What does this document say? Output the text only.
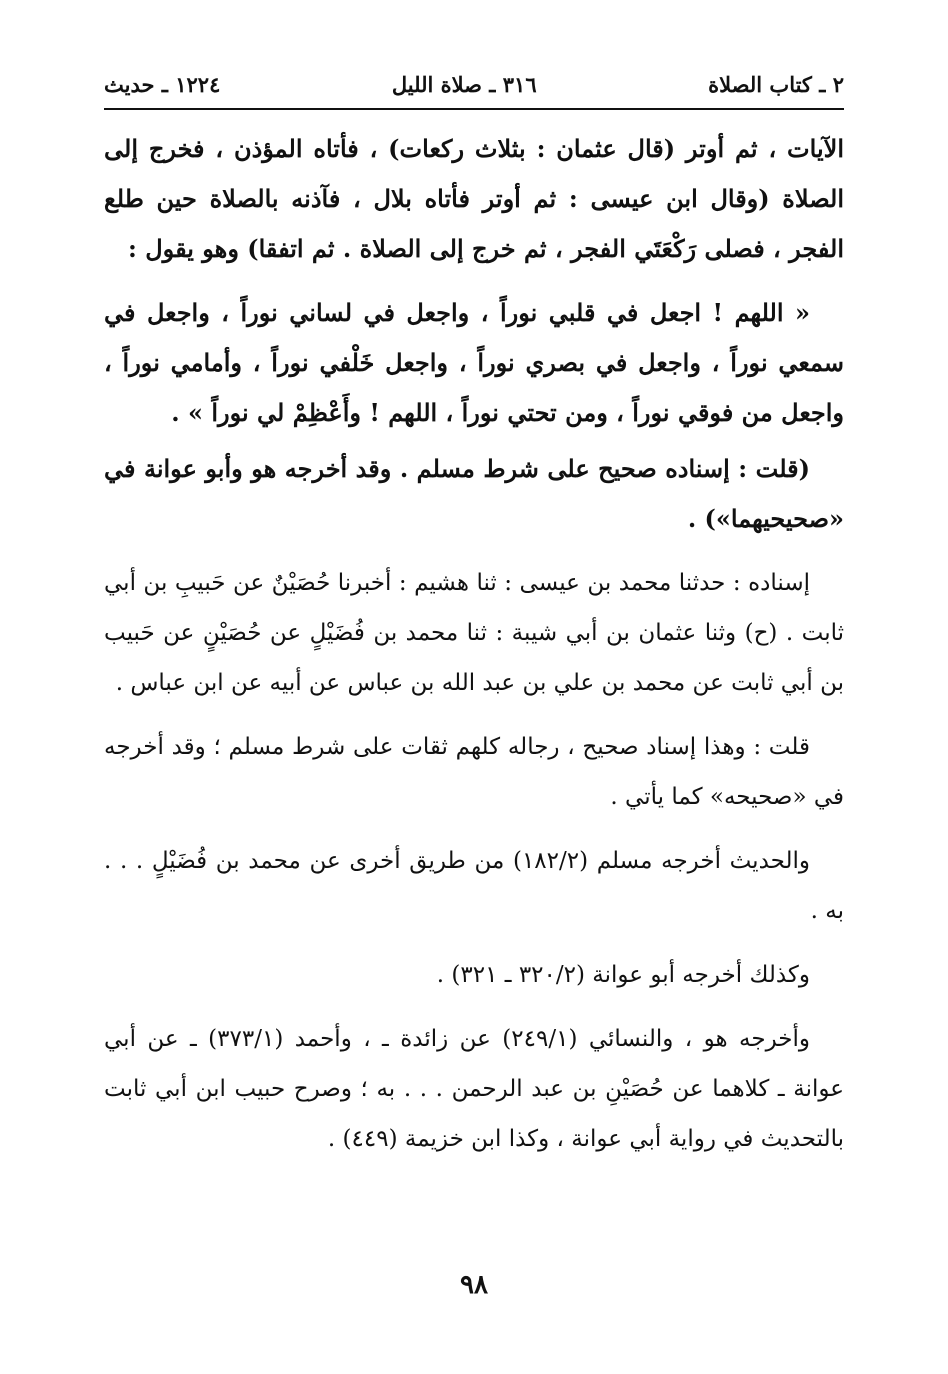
٢ ـ كتاب الصلاة
٣١٦ ـ صلاة الليل
١٢٢٤ ـ حديث

الآيات ، ثم أوتر (قال عثمان : بثلاث ركعات) ، فأتاه المؤذن ، فخرج إلى الصلاة (وقال ابن عيسى : ثم أوتر فأتاه بلال ، فآذنه بالصلاة حين طلع الفجر ، فصلى رَكْعَتَي الفجر ، ثم خرج إلى الصلاة . ثم اتفقا) وهو يقول :

« اللهم ! اجعل في قلبي نوراً ، واجعل في لساني نوراً ، واجعل في سمعي نوراً ، واجعل في بصري نوراً ، واجعل خَلْفي نوراً ، وأمامي نوراً ، واجعل من فوقي نوراً ، ومن تحتي نوراً ، اللهم ! وأَعْظِمْ لي نوراً » .

(قلت : إسناده صحيح على شرط مسلم . وقد أخرجه هو وأبو عوانة في «صحيحيهما») .

إسناده : حدثنا محمد بن عيسى : ثنا هشيم : أخبرنا حُصَيْنٌ عن حَبيبِ بن أبي ثابت . (ح) وثنا عثمان بن أبي شيبة : ثنا محمد بن فُضَيْلٍ عن حُصَيْنٍ عن حَبيب بن أبي ثابت عن محمد بن علي بن عبد الله بن عباس عن أبيه عن ابن عباس .

قلت : وهذا إسناد صحيح ، رجاله كلهم ثقات على شرط مسلم ؛ وقد أخرجه في «صحيحه» كما يأتي .

والحديث أخرجه مسلم (١٨٢/٢) من طريق أخرى عن محمد بن فُضَيْلٍ . . . به .

وكذلك أخرجه أبو عوانة (٣٢٠/٢ ـ ٣٢١) .

وأخرجه هو ، والنسائي (٢٤٩/١) عن زائدة ـ ، وأحمد (٣٧٣/١) ـ عن أبي عوانة ـ كلاهما عن حُصَيْنِ بن عبد الرحمن . . . به ؛ وصرح حبيب ابن أبي ثابت بالتحديث في رواية أبي عوانة ، وكذا ابن خزيمة (٤٤٩) .

٩٨
